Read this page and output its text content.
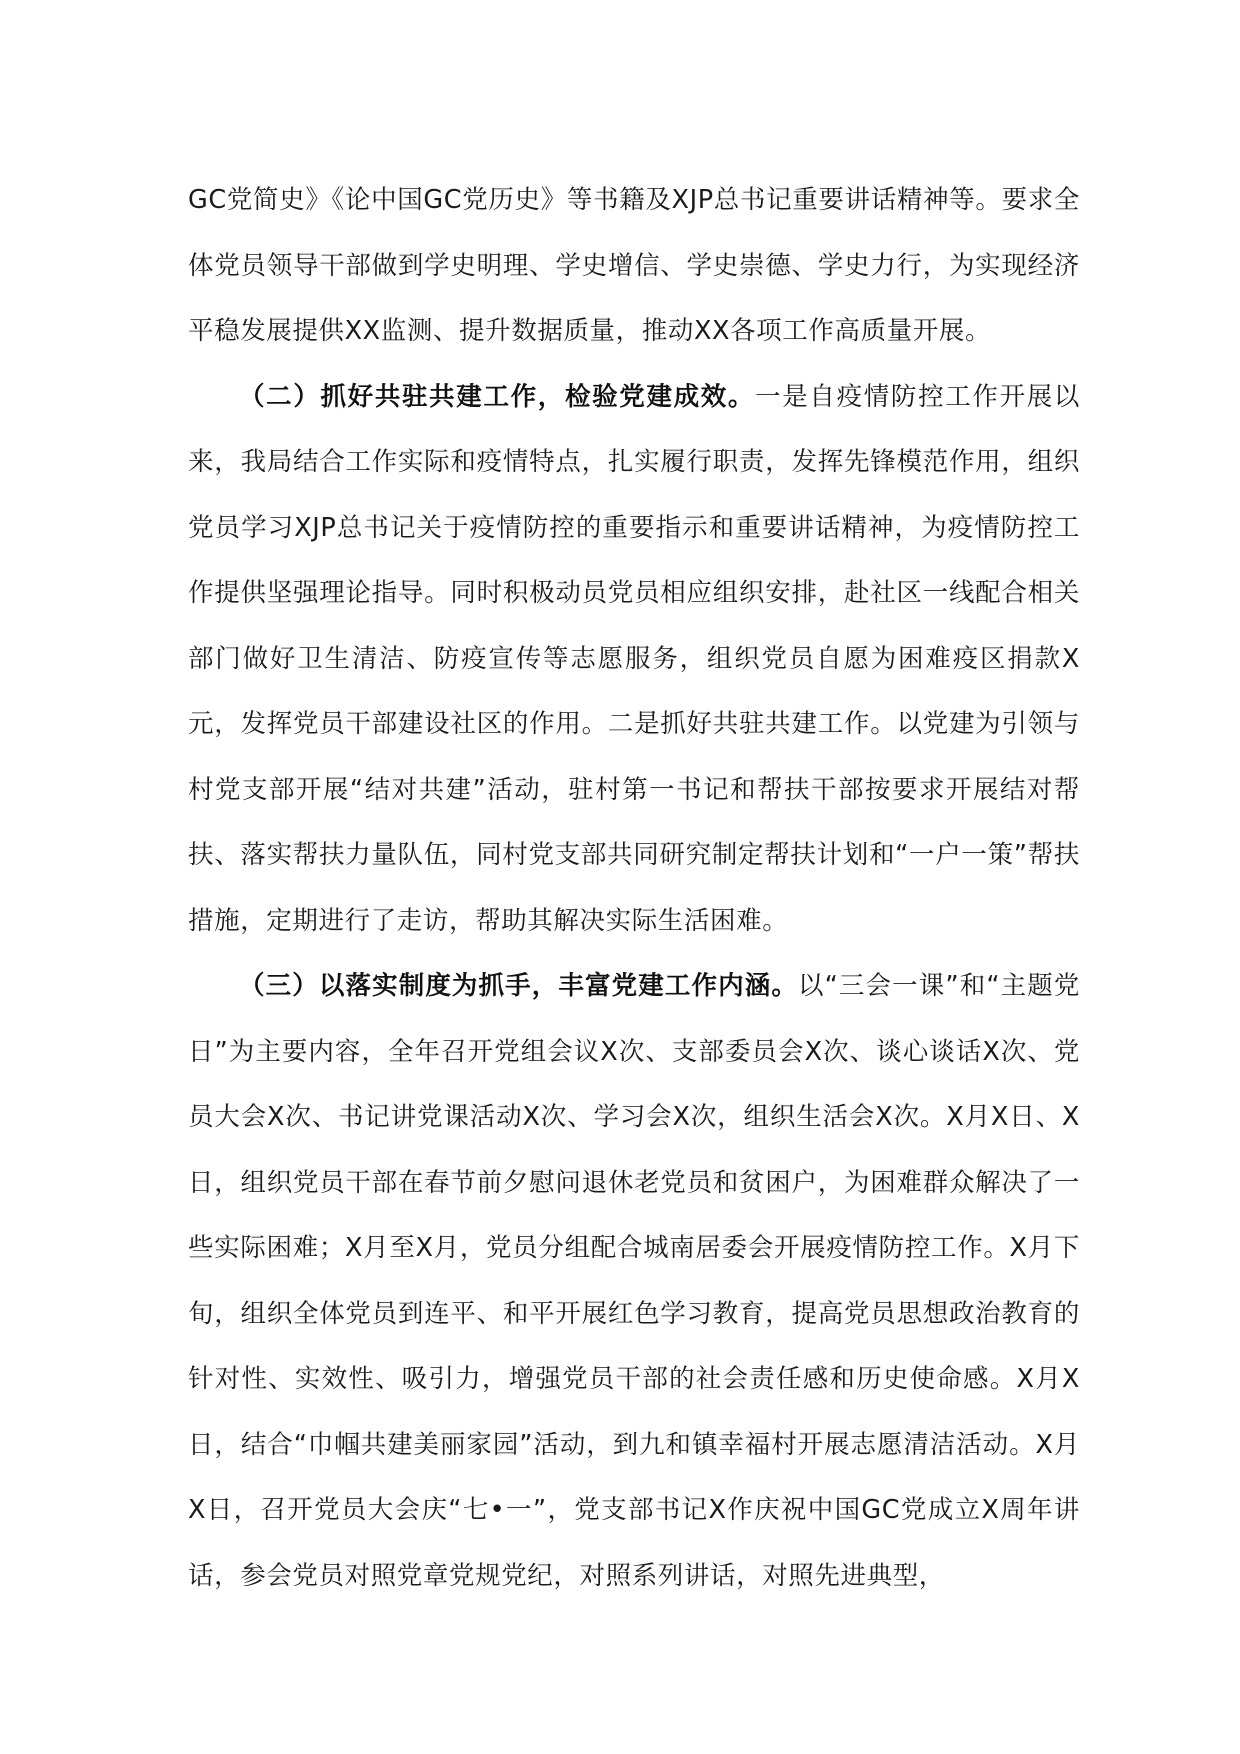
GC党简史》《论中国GC党历史》等书籍及XJP总书记重要讲话精神等。要求全体党员领导干部做到学史明理、学史增信、学史崇德、学史力行，为实现经济平稳发展提供XX监测、提升数据质量，推动XX各项工作高质量开展。

（二）抓好共驻共建工作，检验党建成效。一是自疫情防控工作开展以来，我局结合工作实际和疫情特点，扎实履行职责，发挥先锋模范作用，组织党员学习XJP总书记关于疫情防控的重要指示和重要讲话精神，为疫情防控工作提供坚强理论指导。同时积极动员党员相应组织安排，赴社区一线配合相关部门做好卫生清洁、防疫宣传等志愿服务，组织党员自愿为困难疫区捐款X元，发挥党员干部建设社区的作用。二是抓好共驻共建工作。以党建为引领与村党支部开展“结对共建”活动，驻村第一书记和帮扶干部按要求开展结对帮扶、落实帮扶力量队伍，同村党支部共同研究制定帮扶计划和“一户一策”帮扶措施，定期进行了走访，帮助其解决实际生活困难。

（三）以落实制度为抓手，丰富党建工作内涵。以“三会一课”和“主题党日”为主要内容，全年召开党组会议X次、支部委员会X次、谈心谈话X次、党员大会X次、书记讲党课活动X次、学习会X次，组织生活会X次。X月X日、X日，组织党员干部在春节前夕慰问退休老党员和贫困户，为困难群众解决了一些实际困难；X月至X月，党员分组配合城南居委会开展疫情防控工作。X月下旬，组织全体党员到连平、和平开展红色学习教育，提高党员思想政治教育的针对性、实效性、吸引力，增强党员干部的社会责任感和历史使命感。X月X日，结合“巾帼共建美丽家园”活动，到九和镇幸福村开展志愿清洁活动。X月X日，召开党员大会庆“七•一”，党支部书记X作庆祝中国GC党成立X周年讲话，参会党员对照党章党规党纪，对照系列讲话，对照先进典型，
